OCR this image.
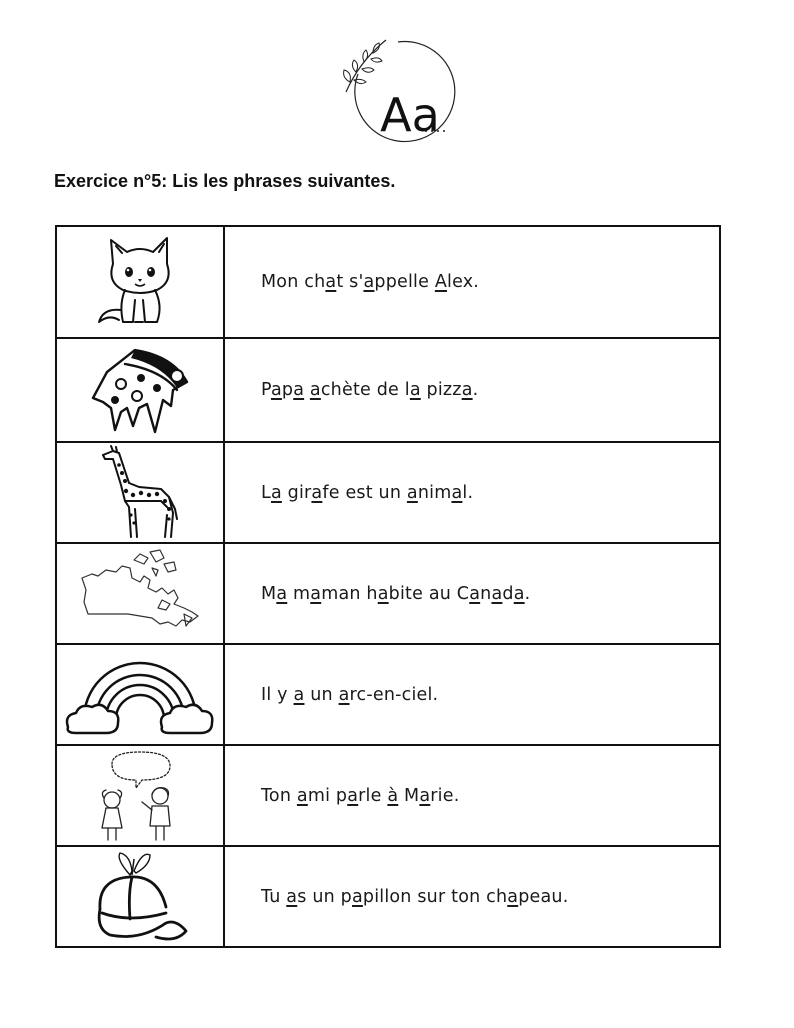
Aa
Exercice n°5: Lis les phrases suivantes.
Mon chat s'appelle Alex.
Papa achète de la pizza.
La girafe est un animal.
Ma maman habite au Canada.
Il y a un arc-en-ciel.
Ton ami parle à Marie.
Tu as un papillon sur ton chapeau.
